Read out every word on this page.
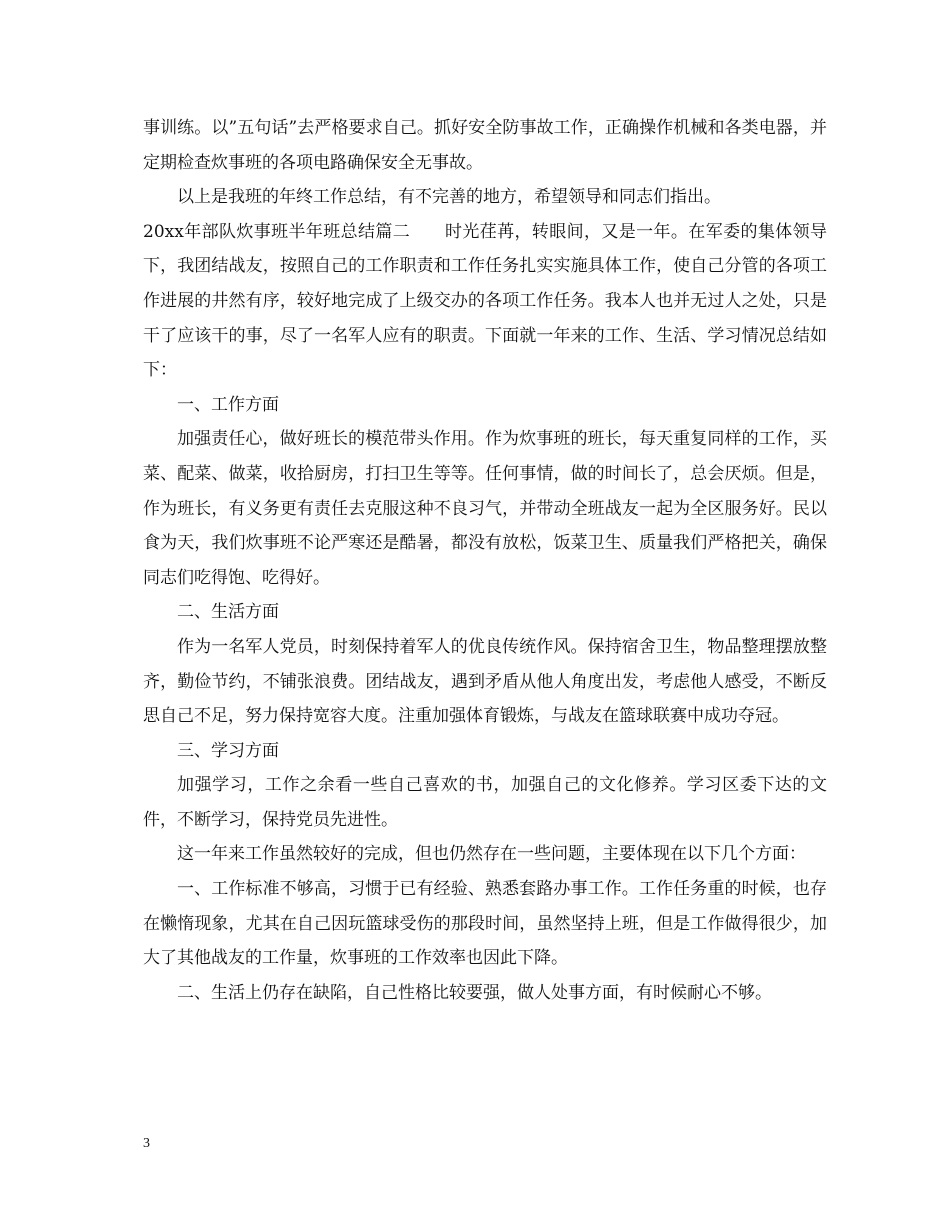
事训练。以”五句话”去严格要求自己。抓好安全防事故工作，正确操作机械和各类电器，并定期检查炊事班的各项电路确保安全无事故。

以上是我班的年终工作总结，有不完善的地方，希望领导和同志们指出。

20xx年部队炊事班半年班总结篇二　　时光荏苒，转眼间，又是一年。在军委的集体领导下，我团结战友，按照自己的工作职责和工作任务扎实实施具体工作，使自己分管的各项工作进展的井然有序，较好地完成了上级交办的各项工作任务。我本人也并无过人之处，只是干了应该干的事，尽了一名军人应有的职责。下面就一年来的工作、生活、学习情况总结如下：

一、工作方面

加强责任心，做好班长的模范带头作用。作为炊事班的班长，每天重复同样的工作，买菜、配菜、做菜，收拾厨房，打扫卫生等等。任何事情，做的时间长了，总会厌烦。但是，作为班长，有义务更有责任去克服这种不良习气，并带动全班战友一起为全区服务好。民以食为天，我们炊事班不论严寒还是酷暑，都没有放松，饭菜卫生、质量我们严格把关，确保同志们吃得饱、吃得好。

二、生活方面

作为一名军人党员，时刻保持着军人的优良传统作风。保持宿舍卫生，物品整理摆放整齐，勤俭节约，不铺张浪费。团结战友，遇到矛盾从他人角度出发，考虑他人感受，不断反思自己不足，努力保持宽容大度。注重加强体育锻炼，与战友在篮球联赛中成功夺冠。

三、学习方面

加强学习，工作之余看一些自己喜欢的书，加强自己的文化修养。学习区委下达的文件，不断学习，保持党员先进性。

这一年来工作虽然较好的完成，但也仍然存在一些问题，主要体现在以下几个方面：

一、工作标准不够高，习惯于已有经验、熟悉套路办事工作。工作任务重的时候，也存在懒惰现象，尤其在自己因玩篮球受伤的那段时间，虽然坚持上班，但是工作做得很少，加大了其他战友的工作量，炊事班的工作效率也因此下降。

二、生活上仍存在缺陷，自己性格比较要强，做人处事方面，有时候耐心不够。

3
